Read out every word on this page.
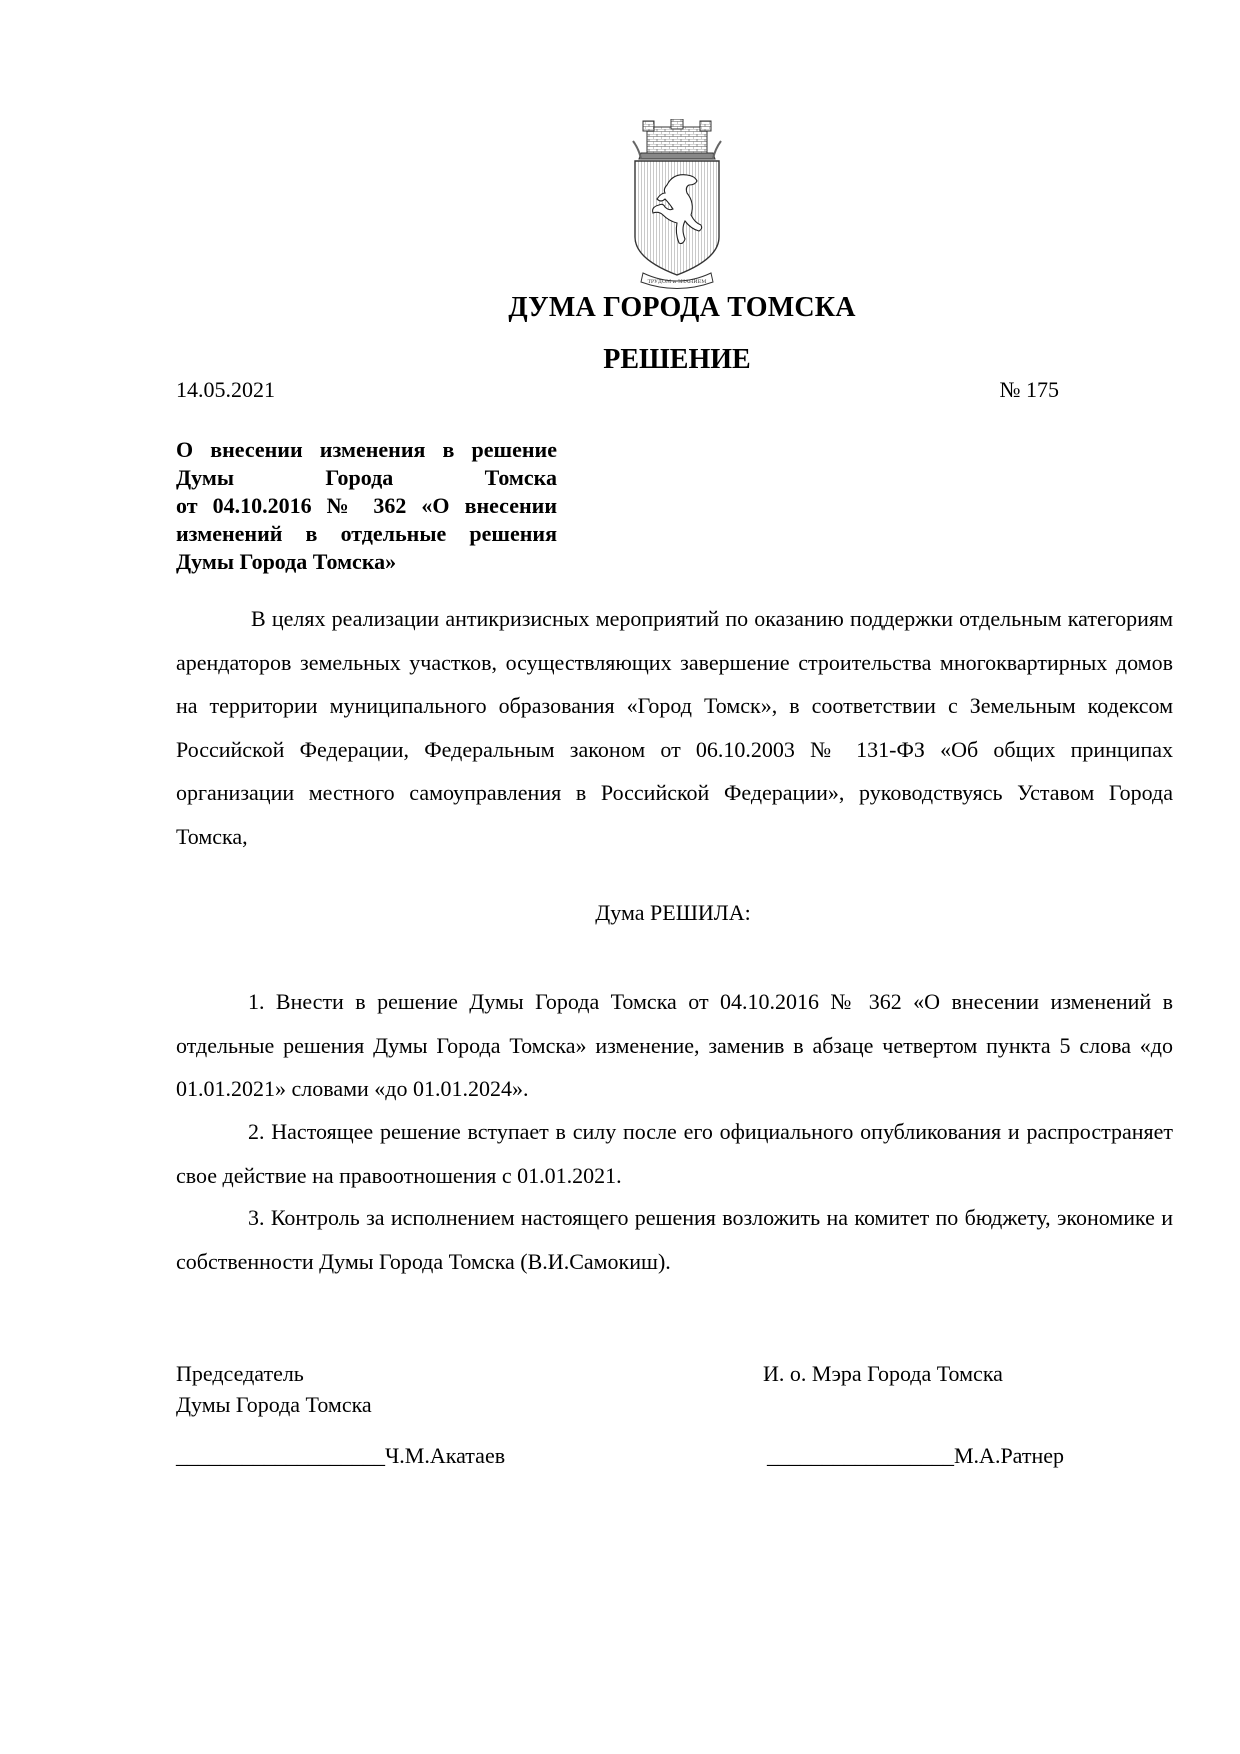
ТРУДОМ и ЗНАНИЕМ
ДУМА ГОРОДА ТОМСКА
РЕШЕНИЕ
14.05.2021	№ 175
О внесении изменения в решение
Думы Города Томска
от 04.10.2016 № 362 «О внесении
изменений в отдельные решения
Думы Города Томска»
В целях реализации антикризисных мероприятий по оказанию поддержки отдельным категориям арендаторов земельных участков, осуществляющих завершение строительства многоквартирных домов на территории муниципального образования «Город Томск», в соответствии с Земельным кодексом Российской Федерации, Федеральным законом от 06.10.2003 № 131-ФЗ «Об общих принципах организации местного самоуправления в Российской Федерации», руководствуясь Уставом Города Томска,
Дума РЕШИЛА:
1. Внести в решение Думы Города Томска от 04.10.2016 № 362 «О внесении изменений в отдельные решения Думы Города Томска» изменение, заменив в абзаце четвертом пункта 5 слова «до 01.01.2021» словами «до 01.01.2024».
2. Настоящее решение вступает в силу после его официального опубликования и распространяет свое действие на правоотношения с 01.01.2021.
3. Контроль за исполнением настоящего решения возложить на комитет по бюджету, экономике и собственности Думы Города Томска (В.И.Самокиш).
Председатель
Думы Города Томска
И. о. Мэра Города Томска
___________________Ч.М.Акатаев	_________________М.А.Ратнер
